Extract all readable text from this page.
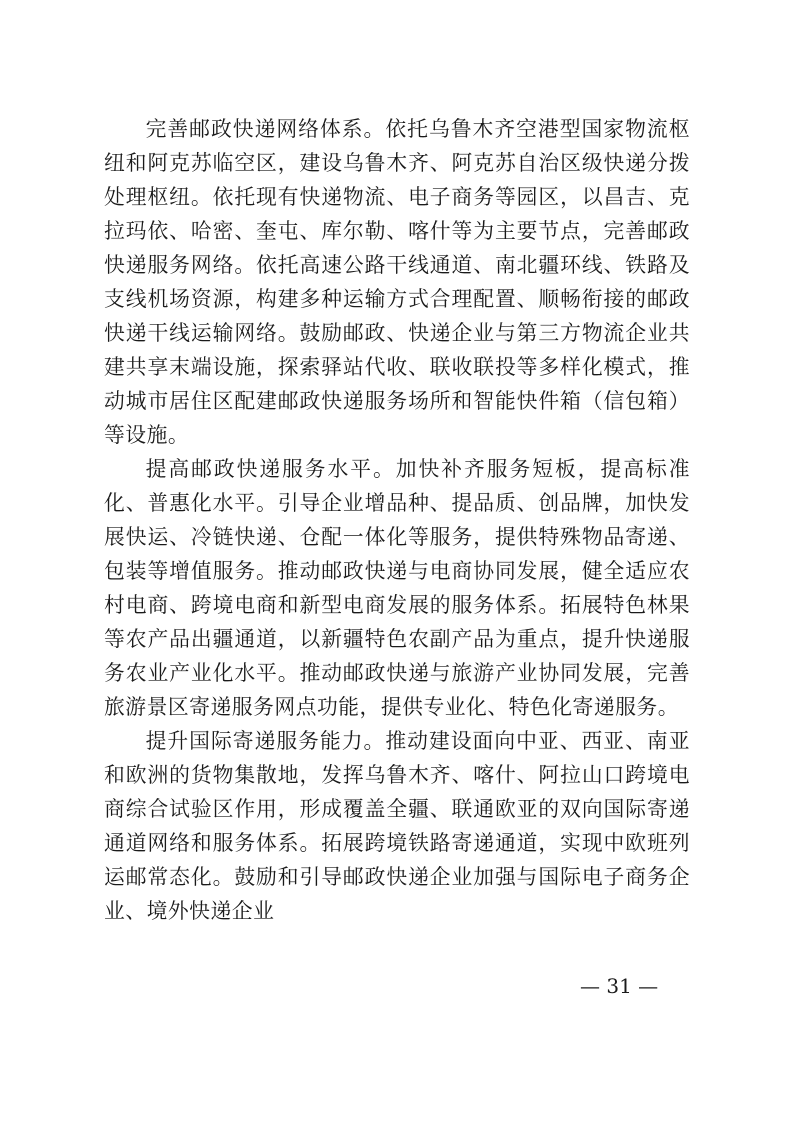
完善邮政快递网络体系。依托乌鲁木齐空港型国家物流枢纽和阿克苏临空区，建设乌鲁木齐、阿克苏自治区级快递分拨处理枢纽。依托现有快递物流、电子商务等园区，以昌吉、克拉玛依、哈密、奎屯、库尔勒、喀什等为主要节点，完善邮政快递服务网络。依托高速公路干线通道、南北疆环线、铁路及支线机场资源，构建多种运输方式合理配置、顺畅衔接的邮政快递干线运输网络。鼓励邮政、快递企业与第三方物流企业共建共享末端设施，探索驿站代收、联收联投等多样化模式，推动城市居住区配建邮政快递服务场所和智能快件箱（信包箱）等设施。

提高邮政快递服务水平。加快补齐服务短板，提高标准化、普惠化水平。引导企业增品种、提品质、创品牌，加快发展快运、冷链快递、仓配一体化等服务，提供特殊物品寄递、包装等增值服务。推动邮政快递与电商协同发展，健全适应农村电商、跨境电商和新型电商发展的服务体系。拓展特色林果等农产品出疆通道，以新疆特色农副产品为重点，提升快递服务农业产业化水平。推动邮政快递与旅游产业协同发展，完善旅游景区寄递服务网点功能，提供专业化、特色化寄递服务。

提升国际寄递服务能力。推动建设面向中亚、西亚、南亚和欧洲的货物集散地，发挥乌鲁木齐、喀什、阿拉山口跨境电商综合试验区作用，形成覆盖全疆、联通欧亚的双向国际寄递通道网络和服务体系。拓展跨境铁路寄递通道，实现中欧班列运邮常态化。鼓励和引导邮政快递企业加强与国际电子商务企业、境外快递企业

— 31 —
